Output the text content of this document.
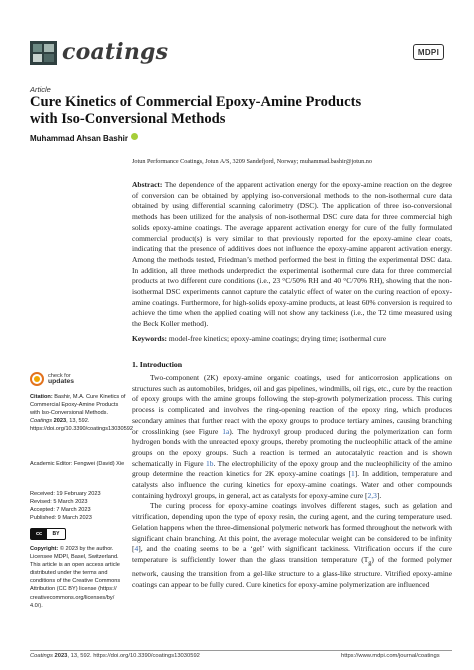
coatings	MDPI
Article
Cure Kinetics of Commercial Epoxy-Amine Products
with Iso-Conversional Methods
Muhammad Ahsan Bashir
Jotun Performance Coatings, Jotun A/S, 3209 Sandefjord, Norway; muhammad.bashir@jotun.no
Abstract: The dependence of the apparent activation energy for the epoxy-amine reaction on the degree of conversion can be obtained by applying iso-conversional methods to the non-isothermal cure data obtained by using differential scanning calorimetry (DSC). The application of three iso-conversional methods has been utilized for the analysis of non-isothermal DSC cure data for three commercial high solids epoxy-amine coatings. The average apparent activation energy for cure of the fully formulated commercial product(s) is very similar to that previously reported for the epoxy-amine clear coats, indicating that the presence of additives does not influence the epoxy-amine apparent activation energy. Among the methods tested, Friedman’s method performed the best in fitting the experimental DSC data. In addition, all three methods underpredict the experimental isothermal cure data for three commercial products at two different cure conditions (i.e., 23 °C/50% RH and 40 °C/70% RH), showing that the non-isothermal DSC experiments cannot capture the catalytic effect of water on the curing reaction of epoxy-amine coatings. Furthermore, for high-solids epoxy-amine products, at least 60% conversion is required to achieve the time when the applied coating will not show any tackiness (i.e., the T2 time measured using the Beck Koller method).
Keywords: model-free kinetics; epoxy-amine coatings; drying time; isothermal cure
1. Introduction

Two-component (2K) epoxy-amine organic coatings, used for anticorrosion applications on structures such as automobiles, bridges, oil and gas pipelines, windmills, oil rigs, etc., cure by the reaction of epoxy groups with the amine groups following the step-growth polymerization process. This curing process is complicated and involves the ring-opening reaction of the epoxy ring, which produces secondary amines that further react with the epoxy groups to produce tertiary amines, causing branching or crosslinking (see Figure 1a). The hydroxyl group produced during the polymerization can form hydrogen bonds with the unreacted epoxy groups, thereby promoting the nucleophilic attack of the amine groups on the epoxy groups. Such a reaction is termed an autocatalytic reaction and is shown schematically in Figure 1b. The electrophilicity of the epoxy group and the nucleophilicity of the amino group determine the reaction kinetics for 2K epoxy-amine coatings [1]. In addition, temperature and catalysts also influence the curing kinetics for epoxy-amine coatings. Water and other compounds containing hydroxyl groups, in general, act as catalysts for epoxy-amine cure [2,3].

The curing process for epoxy-amine coatings involves different stages, such as gelation and vitrification, depending upon the type of epoxy resin, the curing agent, and the curing temperature used. Gelation happens when the three-dimensional polymeric network has formed throughout the network with significant chain branching. At this point, the average molecular weight can be considered to be infinity [4], and the coating seems to be a ‘gel’ with significant tackiness. Vitrification occurs if the cure temperature is sufficiently lower than the glass transition temperature $(T_g)$ of the formed polymer network, causing the transition from a gel-like structure to a glass-like structure. Vitrified epoxy-amine coatings can appear to be fully cured. Cure kinetics for epoxy-amine polymerization are influenced

check for
updates
Citation: Bashir, M.A. Cure Kinetics of Commercial Epoxy-Amine Products with Iso-Conversional Methods. Coatings 2023, 13, 592. https://doi.org/10.3390/coatings13030592
Academic Editor: Fengwei (David) Xie
Received: 19 February 2023
Revised: 5 March 2023
Accepted: 7 March 2023
Published: 9 March 2023
cc	BY
Copyright: © 2023 by the author. Licensee MDPI, Basel, Switzerland. This article is an open access article distributed under the terms and conditions of the Creative Commons Attribution (CC BY) license (https:// creativecommons.org/licenses/by/ 4.0/).
Coatings 2023, 13, 592. https://doi.org/10.3390/coatings13030592	https://www.mdpi.com/journal/coatings
